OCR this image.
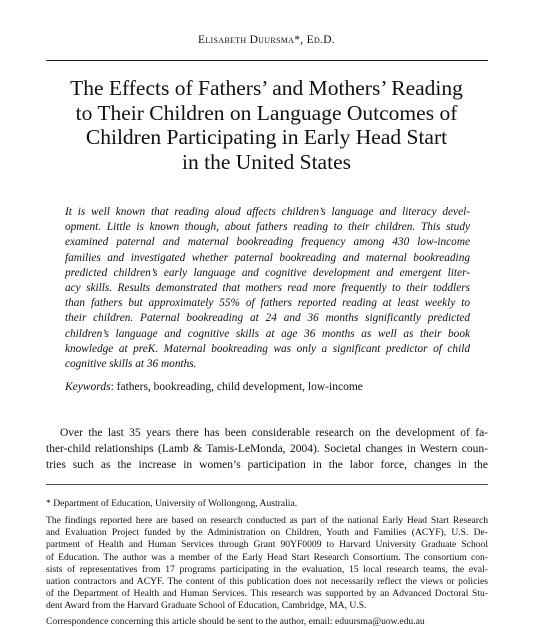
Elisabeth Duursma*, Ed.D.
The Effects of Fathers’ and Mothers’ Reading
to Their Children on Language Outcomes of
Children Participating in Early Head Start
in the United States
It is well known that reading aloud affects children’s language and literacy devel-
opment. Little is known though, about fathers reading to their children. This study
examined paternal and maternal bookreading frequency among 430 low-income
families and investigated whether paternal bookreading and maternal bookreading
predicted children’s early language and cognitive development and emergent liter-
acy skills. Results demonstrated that mothers read more frequently to their toddlers
than fathers but approximately 55% of fathers reported reading at least weekly to
their children. Paternal bookreading at 24 and 36 months significantly predicted
children’s language and cognitive skills at age 36 months as well as their book
knowledge at preK. Maternal bookreading was only a significant predictor of child
cognitive skills at 36 months.
Keywords: fathers, bookreading, child development, low-income
Over the last 35 years there has been considerable research on the development of fa-
ther-child relationships (Lamb & Tamis-LeMonda, 2004). Societal changes in Western coun-
tries such as the increase in women’s participation in the labor force, changes in the
* Department of Education, University of Wollongong, Australia.
The findings reported here are based on research conducted as part of the national Early Head Start Research
and Evaluation Project funded by the Administration on Children, Youth and Families (ACYF), U.S. De-
partment of Health and Human Services through Grant 90YF0009 to Harvard University Graduate School
of Education. The author was a member of the Early Head Start Research Consortium. The consortium con-
sists of representatives from 17 programs participating in the evaluation, 15 local research teams, the eval-
uation contractors and ACYF. The content of this publication does not necessarily reflect the views or policies
of the Department of Health and Human Services. This research was supported by an Advanced Doctoral Stu-
dent Award from the Harvard Graduate School of Education, Cambridge, MA, U.S.
Correspondence concerning this article should be sent to the author, email: eduursma@uow.edu.au
